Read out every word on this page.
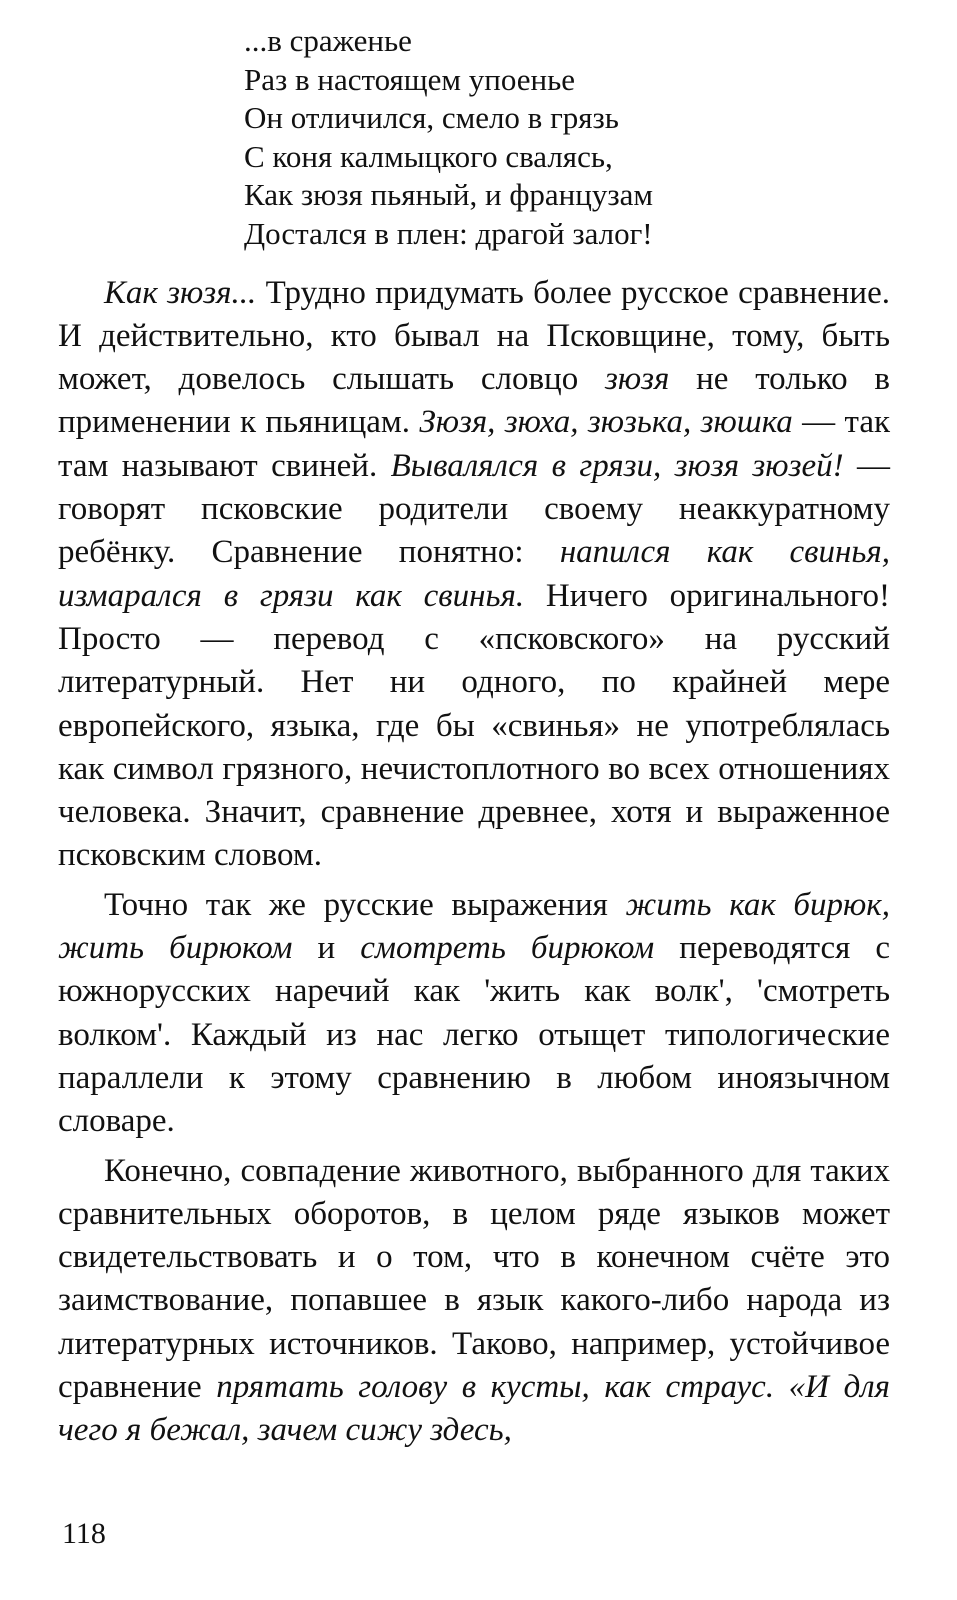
...в сраженье
Раз в настоящем упоенье
Он отличился, смело в грязь
С коня калмыцкого свалясь,
Как зюзя пьяный, и французам
Достался в плен: драгой залог!

Как зюзя... Трудно придумать более русское сравнение. И действительно, кто бывал на Псковщине, тому, быть может, довелось слышать словцо зюзя не только в применении к пьяницам. Зюзя, зюха, зюзька, зюшка — так там называют свиней. Вывалялся в грязи, зюзя зюзей! — говорят псковские родители своему неаккуратному ребёнку. Сравнение понятно: напился как свинья, измарался в грязи как свинья. Ничего оригинального! Просто — перевод с «псковского» на русский литературный. Нет ни одного, по крайней мере европейского, языка, где бы «свинья» не употреблялась как символ грязного, нечистоплотного во всех отношениях человека. Значит, сравнение древнее, хотя и выраженное псковским словом.

Точно так же русские выражения жить как бирюк, жить бирюком и смотреть бирюком переводятся с южнорусских наречий как 'жить как волк', 'смотреть волком'. Каждый из нас легко отыщет типологические параллели к этому сравнению в любом иноязычном словаре.

Конечно, совпадение животного, выбранного для таких сравнительных оборотов, в целом ряде языков может свидетельствовать и о том, что в конечном счёте это заимствование, попавшее в язык какого-либо народа из литературных источников. Таково, например, устойчивое сравнение прятать голову в кусты, как страус. «И для чего я бежал, зачем сижу здесь,

118
